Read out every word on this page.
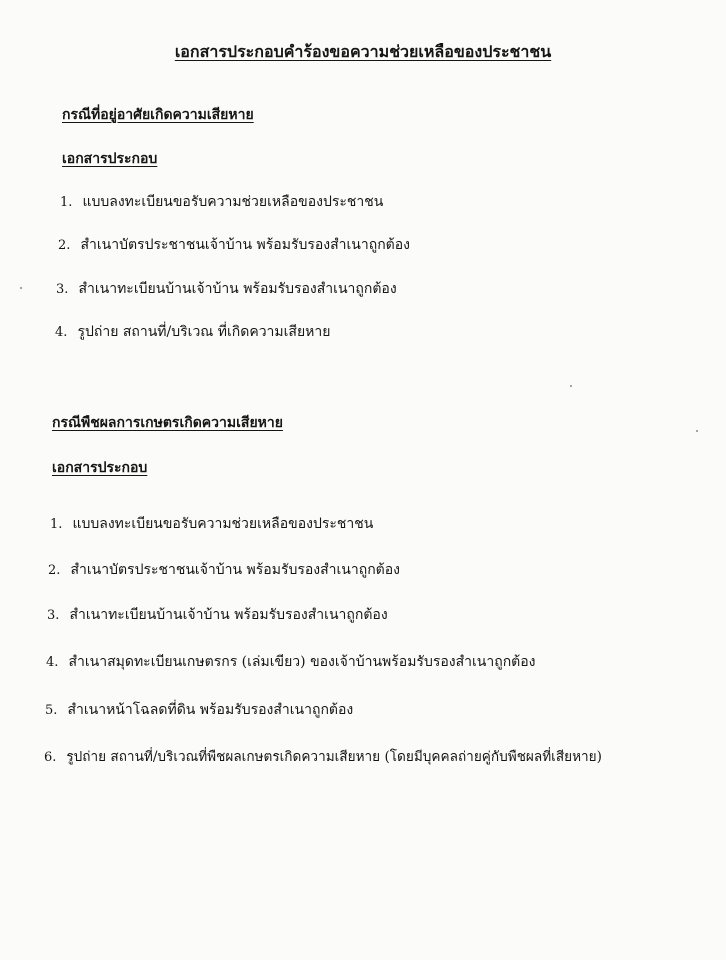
เอกสารประกอบคำร้องขอความช่วยเหลือของประชาชน
กรณีที่อยู่อาศัยเกิดความเสียหาย
เอกสารประกอบ
1. แบบลงทะเบียนขอรับความช่วยเหลือของประชาชน
2. สำเนาบัตรประชาชนเจ้าบ้าน พร้อมรับรองสำเนาถูกต้อง
3. สำเนาทะเบียนบ้านเจ้าบ้าน พร้อมรับรองสำเนาถูกต้อง
4. รูปถ่าย สถานที่/บริเวณ ที่เกิดความเสียหาย
กรณีพืชผลการเกษตรเกิดความเสียหาย
เอกสารประกอบ
1. แบบลงทะเบียนขอรับความช่วยเหลือของประชาชน
2. สำเนาบัตรประชาชนเจ้าบ้าน พร้อมรับรองสำเนาถูกต้อง
3. สำเนาทะเบียนบ้านเจ้าบ้าน พร้อมรับรองสำเนาถูกต้อง
4. สำเนาสมุดทะเบียนเกษตรกร (เล่มเขียว) ของเจ้าบ้านพร้อมรับรองสำเนาถูกต้อง
5. สำเนาหน้าโฉลดที่ดิน พร้อมรับรองสำเนาถูกต้อง
6. รูปถ่าย สถานที่/บริเวณที่พืชผลเกษตรเกิดความเสียหาย (โดยมีบุคคลถ่ายคู่กับพืชผลที่เสียหาย)
